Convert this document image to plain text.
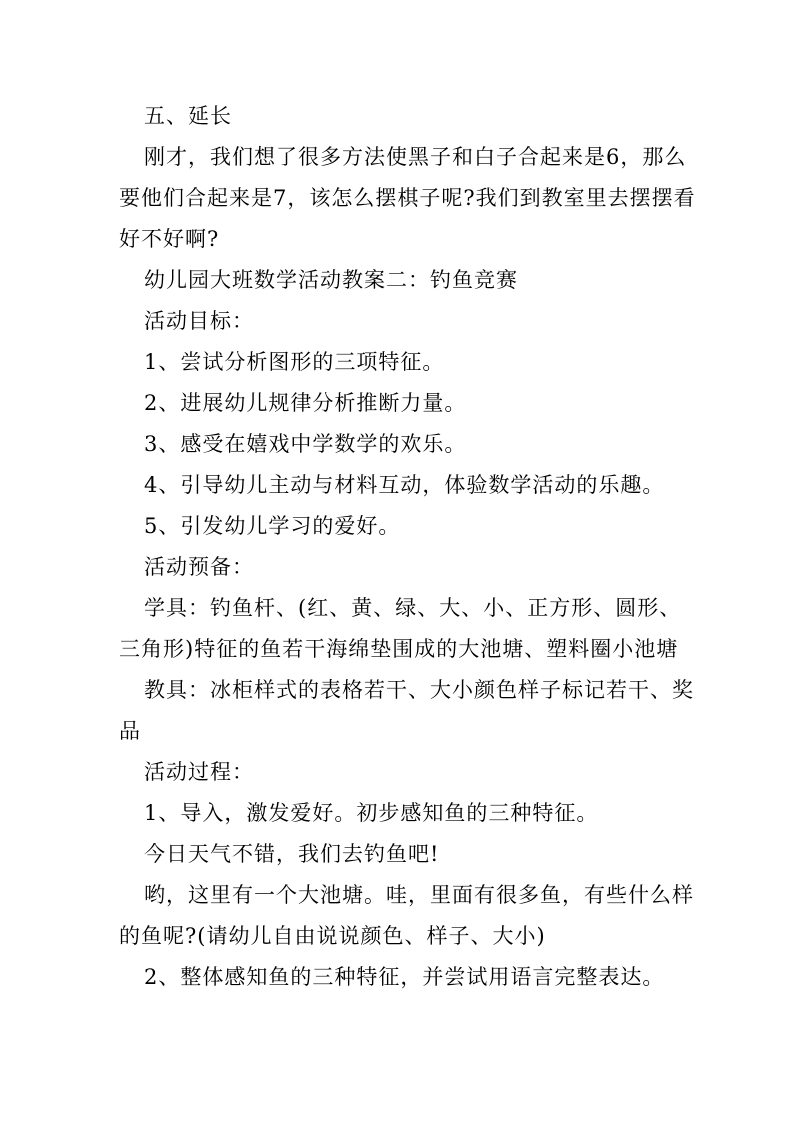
五、延长
刚才，我们想了很多方法使黑子和白子合起来是6，那么
要他们合起来是7，该怎么摆棋子呢?我们到教室里去摆摆看
好不好啊?
幼儿园大班数学活动教案二：钓鱼竞赛
活动目标：
1、尝试分析图形的三项特征。
2、进展幼儿规律分析推断力量。
3、感受在嬉戏中学数学的欢乐。
4、引导幼儿主动与材料互动，体验数学活动的乐趣。
5、引发幼儿学习的爱好。
活动预备：
学具：钓鱼杆、(红、黄、绿、大、小、正方形、圆形、
三角形)特征的鱼若干海绵垫围成的大池塘、塑料圈小池塘
教具：冰柜样式的表格若干、大小颜色样子标记若干、奖
品
活动过程：
1、导入，激发爱好。初步感知鱼的三种特征。
今日天气不错，我们去钓鱼吧!
哟，这里有一个大池塘。哇，里面有很多鱼，有些什么样
的鱼呢?(请幼儿自由说说颜色、样子、大小)
2、整体感知鱼的三种特征，并尝试用语言完整表达。
